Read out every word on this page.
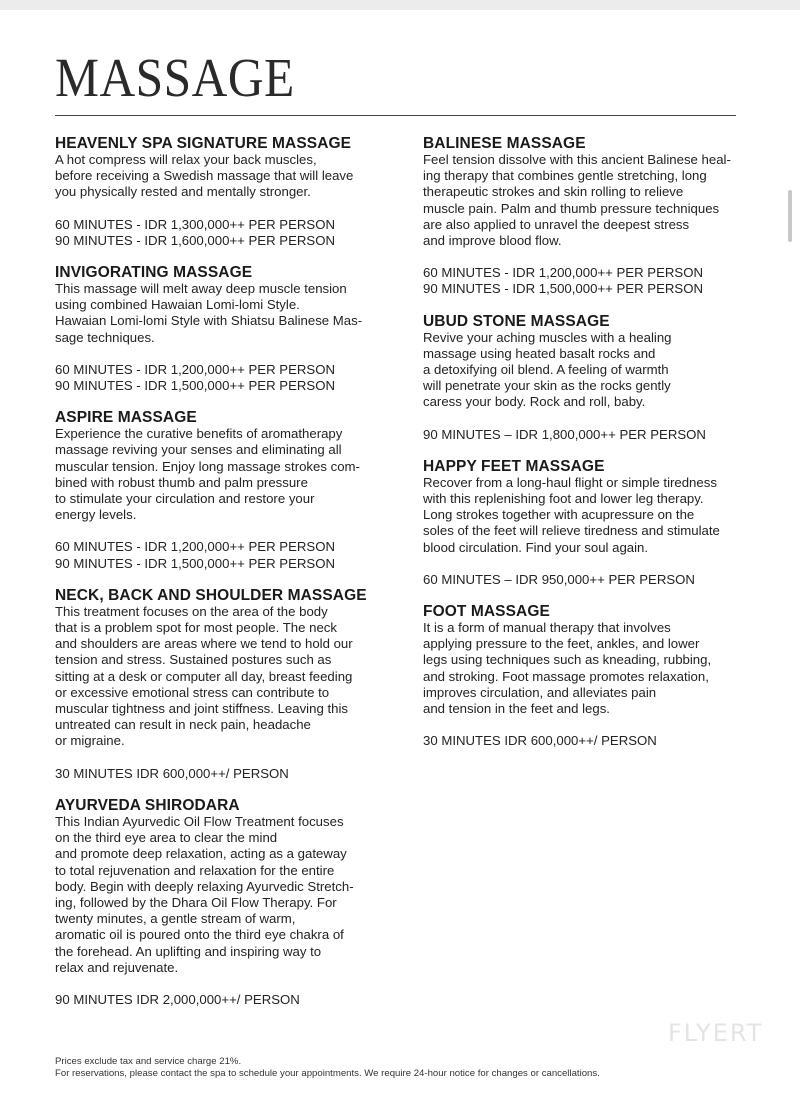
MASSAGE
HEAVENLY SPA SIGNATURE MASSAGE
A hot compress will relax your back muscles,
before receiving a Swedish massage that will leave
you physically rested and mentally stronger.
60 MINUTES - IDR 1,300,000++ PER PERSON
90 MINUTES - IDR 1,600,000++ PER PERSON
INVIGORATING MASSAGE
This massage will melt away deep muscle tension
using combined Hawaian Lomi-lomi Style.
Hawaian Lomi-lomi Style with Shiatsu Balinese Mas-
sage techniques.
60 MINUTES - IDR 1,200,000++ PER PERSON
90 MINUTES - IDR 1,500,000++ PER PERSON
ASPIRE MASSAGE
Experience the curative benefits of aromatherapy
massage reviving your senses and eliminating all
muscular tension. Enjoy long massage strokes com-
bined with robust thumb and palm pressure
to stimulate your circulation and restore your
energy levels.
60 MINUTES - IDR 1,200,000++ PER PERSON
90 MINUTES - IDR 1,500,000++ PER PERSON
NECK, BACK AND SHOULDER MASSAGE
This treatment focuses on the area of the body
that is a problem spot for most people. The neck
and shoulders are areas where we tend to hold our
tension and stress. Sustained postures such as
sitting at a desk or computer all day, breast feeding
or excessive emotional stress can contribute to
muscular tightness and joint stiffness. Leaving this
untreated can result in neck pain, headache
or migraine.
30 MINUTES IDR 600,000++/ PERSON
AYURVEDA SHIRODARA
This Indian Ayurvedic Oil Flow Treatment focuses
on the third eye area to clear the mind
and promote deep relaxation, acting as a gateway
to total rejuvenation and relaxation for the entire
body. Begin with deeply relaxing Ayurvedic Stretch-
ing, followed by the Dhara Oil Flow Therapy. For
twenty minutes, a gentle stream of warm,
aromatic oil is poured onto the third eye chakra of
the forehead. An uplifting and inspiring way to
relax and rejuvenate.
90 MINUTES IDR 2,000,000++/ PERSON
BALINESE MASSAGE
Feel tension dissolve with this ancient Balinese heal-
ing therapy that combines gentle stretching, long
therapeutic strokes and skin rolling to relieve
muscle pain. Palm and thumb pressure techniques
are also applied to unravel the deepest stress
and improve blood flow.
60 MINUTES - IDR 1,200,000++ PER PERSON
90 MINUTES - IDR 1,500,000++ PER PERSON
UBUD STONE MASSAGE
Revive your aching muscles with a healing
massage using heated basalt rocks and
a detoxifying oil blend. A feeling of warmth
will penetrate your skin as the rocks gently
caress your body. Rock and roll, baby.
90 MINUTES – IDR 1,800,000++ PER PERSON
HAPPY FEET MASSAGE
Recover from a long-haul flight or simple tiredness
with this replenishing foot and lower leg therapy.
Long strokes together with acupressure on the
soles of the feet will relieve tiredness and stimulate
blood circulation. Find your soul again.
60 MINUTES – IDR 950,000++ PER PERSON
FOOT MASSAGE
It is a form of manual therapy that involves
applying pressure to the feet, ankles, and lower
legs using techniques such as kneading, rubbing,
and stroking. Foot massage promotes relaxation,
improves circulation, and alleviates pain
and tension in the feet and legs.
30 MINUTES IDR 600,000++/ PERSON
Prices exclude tax and service charge 21%.
For reservations, please contact the spa to schedule your appointments. We require 24-hour notice for changes or cancellations.
FLYERT
